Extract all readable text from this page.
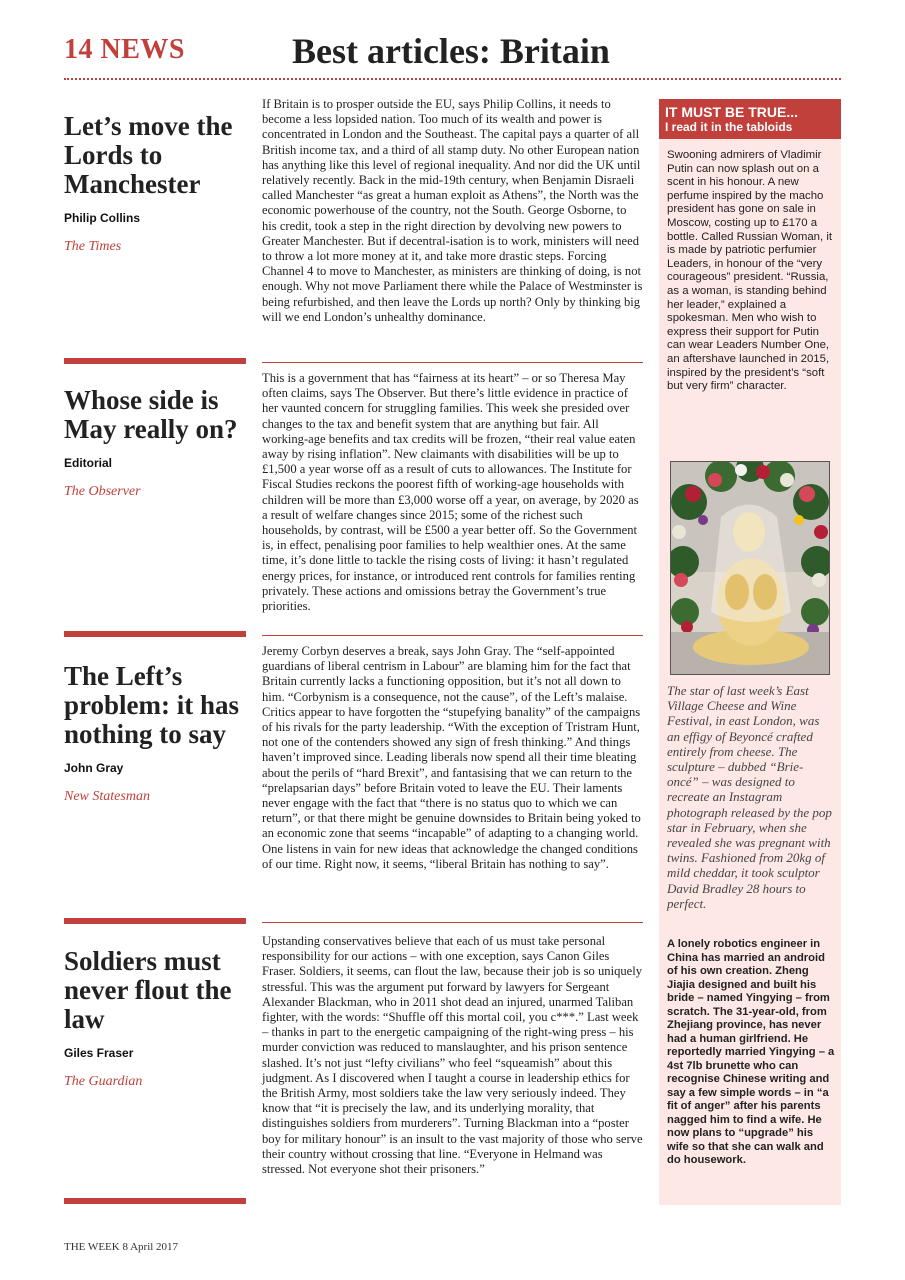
14 NEWS	Best articles: Britain
Let’s move the Lords to Manchester
Philip Collins
The Times

If Britain is to prosper outside the EU, says Philip Collins, it needs to become a less lopsided nation. Too much of its wealth and power is concentrated in London and the Southeast. The capital pays a quarter of all British income tax, and a third of all stamp duty. No other European nation has anything like this level of regional inequality. And nor did the UK until relatively recently. Back in the mid-19th century, when Benjamin Disraeli called Manchester “as great a human exploit as Athens”, the North was the economic powerhouse of the country, not the South. George Osborne, to his credit, took a step in the right direction by devolving new powers to Greater Manchester. But if decentral-isation is to work, ministers will need to throw a lot more money at it, and take more drastic steps. Forcing Channel 4 to move to Manchester, as ministers are thinking of doing, is not enough. Why not move Parliament there while the Palace of Westminster is being refurbished, and then leave the Lords up north? Only by thinking big will we end London’s unhealthy dominance.

Whose side is May really on?
Editorial
The Observer

This is a government that has “fairness at its heart” – or so Theresa May often claims, says The Observer. But there’s little evidence in practice of her vaunted concern for struggling families. This week she presided over changes to the tax and benefit system that are anything but fair. All working-age benefits and tax credits will be frozen, “their real value eaten away by rising inflation”. New claimants with disabilities will be up to £1,500 a year worse off as a result of cuts to allowances. The Institute for Fiscal Studies reckons the poorest fifth of working-age households with children will be more than £3,000 worse off a year, on average, by 2020 as a result of welfare changes since 2015; some of the richest such households, by contrast, will be £500 a year better off. So the Government is, in effect, penalising poor families to help wealthier ones. At the same time, it’s done little to tackle the rising costs of living: it hasn’t regulated energy prices, for instance, or introduced rent controls for families renting privately. These actions and omissions betray the Government’s true priorities.

The Left’s problem: it has nothing to say
John Gray
New Statesman

Jeremy Corbyn deserves a break, says John Gray. The “self-appointed guardians of liberal centrism in Labour” are blaming him for the fact that Britain currently lacks a functioning opposition, but it’s not all down to him. “Corbynism is a consequence, not the cause”, of the Left’s malaise. Critics appear to have forgotten the “stupefying banality” of the campaigns of his rivals for the party leadership. “With the exception of Tristram Hunt, not one of the contenders showed any sign of fresh thinking.” And things haven’t improved since. Leading liberals now spend all their time bleating about the perils of “hard Brexit”, and fantasising that we can return to the “prelapsarian days” before Britain voted to leave the EU. Their laments never engage with the fact that “there is no status quo to which we can return”, or that there might be genuine downsides to Britain being yoked to an economic zone that seems “incapable” of adapting to a changing world. One listens in vain for new ideas that acknowledge the changed conditions of our time. Right now, it seems, “liberal Britain has nothing to say”.

Soldiers must never flout the law
Giles Fraser
The Guardian

Upstanding conservatives believe that each of us must take personal responsibility for our actions – with one exception, says Canon Giles Fraser. Soldiers, it seems, can flout the law, because their job is so uniquely stressful. This was the argument put forward by lawyers for Sergeant Alexander Blackman, who in 2011 shot dead an injured, unarmed Taliban fighter, with the words: “Shuffle off this mortal coil, you c***.” Last week – thanks in part to the energetic campaigning of the right-wing press – his murder conviction was reduced to manslaughter, and his prison sentence slashed. It’s not just “lefty civilians” who feel “squeamish” about this judgment. As I discovered when I taught a course in leadership ethics for the British Army, most soldiers take the law very seriously indeed. They know that “it is precisely the law, and its underlying morality, that distinguishes soldiers from murderers”. Turning Blackman into a “poster boy for military honour” is an insult to the vast majority of those who serve their country without crossing that line. “Everyone in Helmand was stressed. Not everyone shot their prisoners.”

IT MUST BE TRUE...
I read it in the tabloids

Swooning admirers of Vladimir Putin can now splash out on a scent in his honour. A new perfume inspired by the macho president has gone on sale in Moscow, costing up to £170 a bottle. Called Russian Woman, it is made by patriotic perfumier Leaders, in honour of the “very courageous” president. “Russia, as a woman, is standing behind her leader,” explained a spokesman. Men who wish to express their support for Putin can wear Leaders Number One, an aftershave launched in 2015, inspired by the president’s “soft but very firm” character.

The star of last week’s East Village Cheese and Wine Festival, in east London, was an effigy of Beyoncé crafted entirely from cheese. The sculpture – dubbed “Brie-oncé” – was designed to recreate an Instagram photograph released by the pop star in February, when she revealed she was pregnant with twins. Fashioned from 20kg of mild cheddar, it took sculptor David Bradley 28 hours to perfect.

A lonely robotics engineer in China has married an android of his own creation. Zheng Jiajia designed and built his bride – named Yingying – from scratch. The 31-year-old, from Zhejiang province, has never had a human girlfriend. He reportedly married Yingying – a 4st 7lb brunette who can recognise Chinese writing and say a few simple words – in “a fit of anger” after his parents nagged him to find a wife. He now plans to “upgrade” his wife so that she can walk and do housework.

THE WEEK 8 April 2017
